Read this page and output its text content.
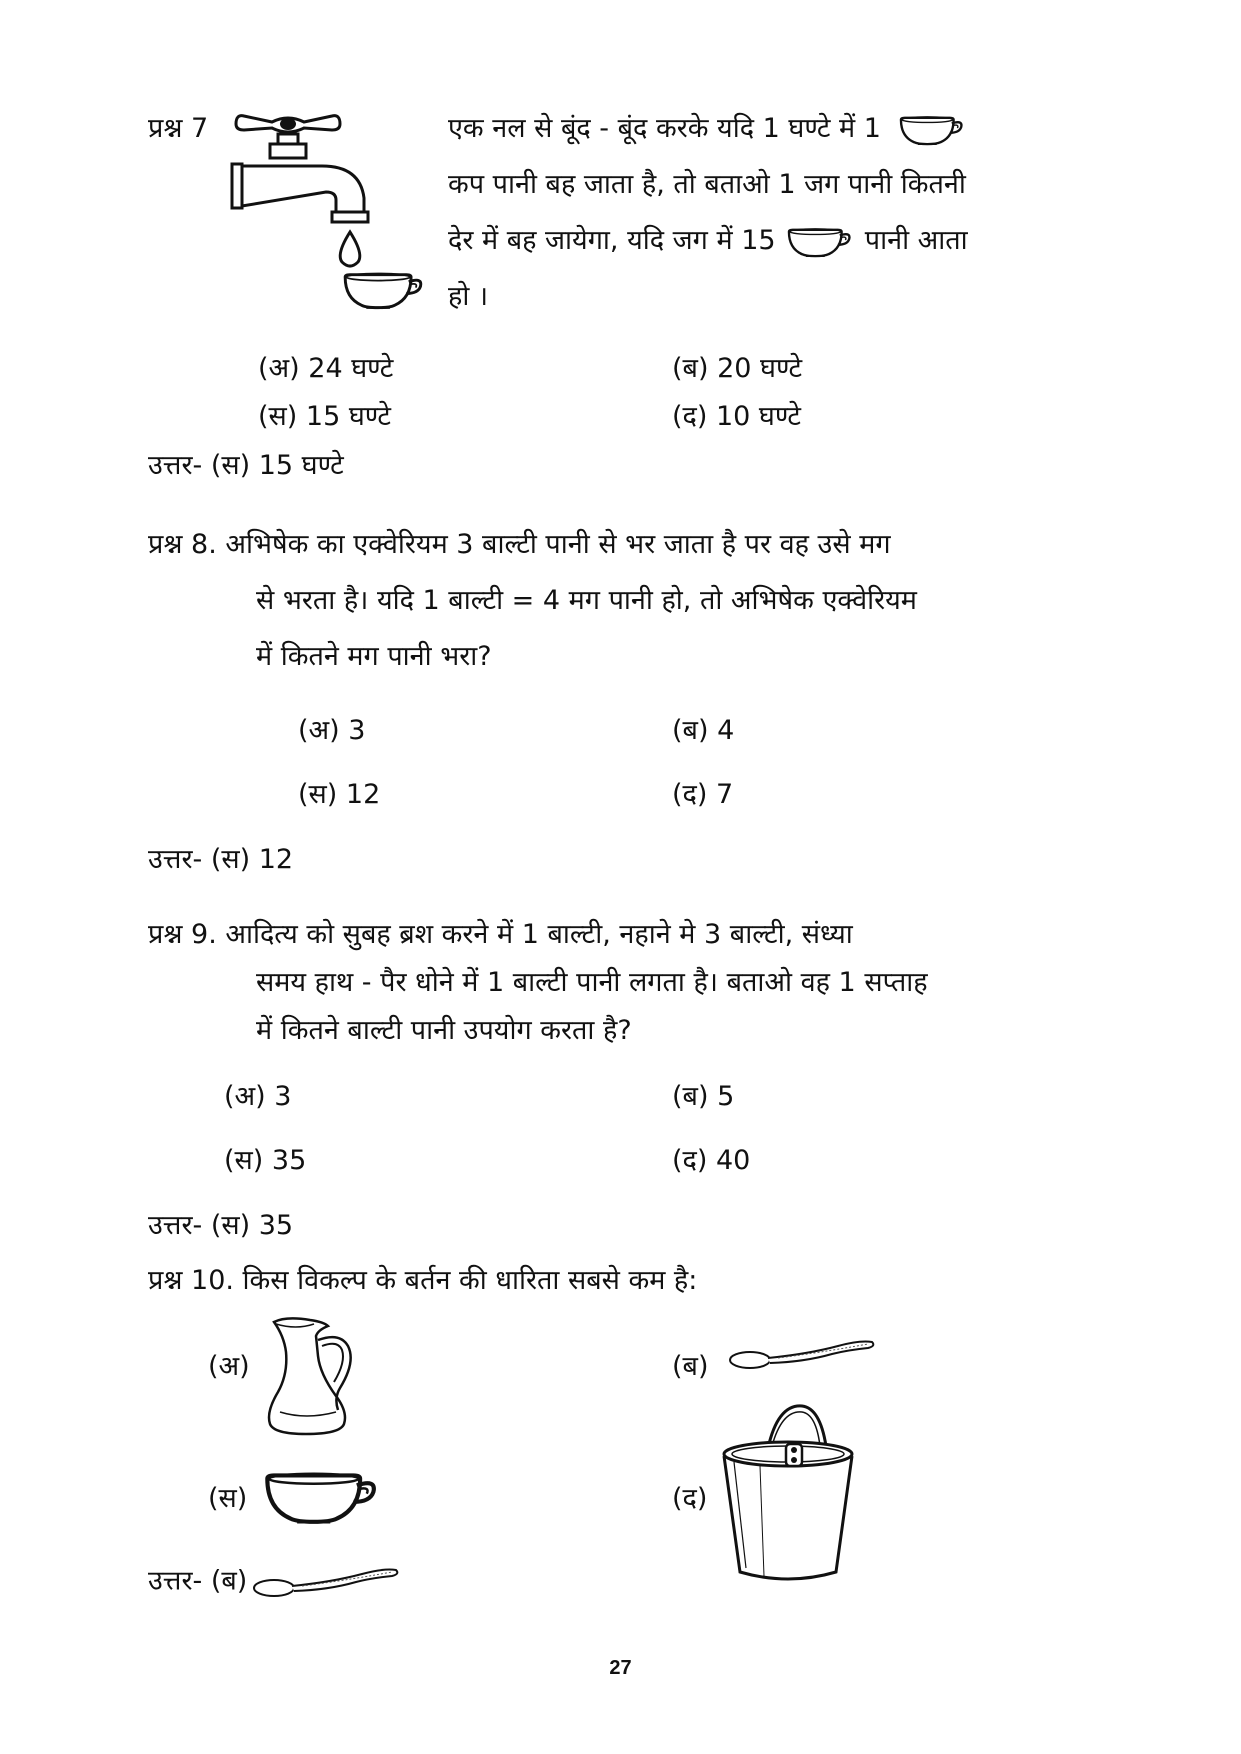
प्रश्न 7	एक नल से बूंद - बूंद करके यदि 1 घण्टे में 1
कप पानी बह जाता है, तो बताओ 1 जग पानी कितनी
देर में बह जायेगा, यदि जग में 15	पानी आता
हो ।
(अ) 24 घण्टे	(ब) 20 घण्टे
(स) 15 घण्टे	(द) 10 घण्टे
उत्तर- (स) 15 घण्टे
प्रश्न 8. अभिषेक का एक्वेरियम 3 बाल्टी पानी से भर जाता है पर वह उसे मग
से भरता है। यदि 1 बाल्टी = 4 मग पानी हो, तो अभिषेक एक्वेरियम
में कितने मग पानी भरा?
(अ) 3	(ब) 4
(स) 12	(द) 7
उत्तर- (स) 12
प्रश्न 9. आदित्य को सुबह ब्रश करने में 1 बाल्टी, नहाने मे 3 बाल्टी, संध्या
समय हाथ - पैर धोने में 1 बाल्टी पानी लगता है। बताओ वह 1 सप्ताह
में कितने बाल्टी पानी उपयोग करता है?
(अ) 3	(ब) 5
(स) 35	(द) 40
उत्तर- (स) 35
प्रश्न 10. किस विकल्प के बर्तन की धारिता सबसे कम है:
(अ)	(ब)
(स)	(द)
उत्तर- (ब)
27
